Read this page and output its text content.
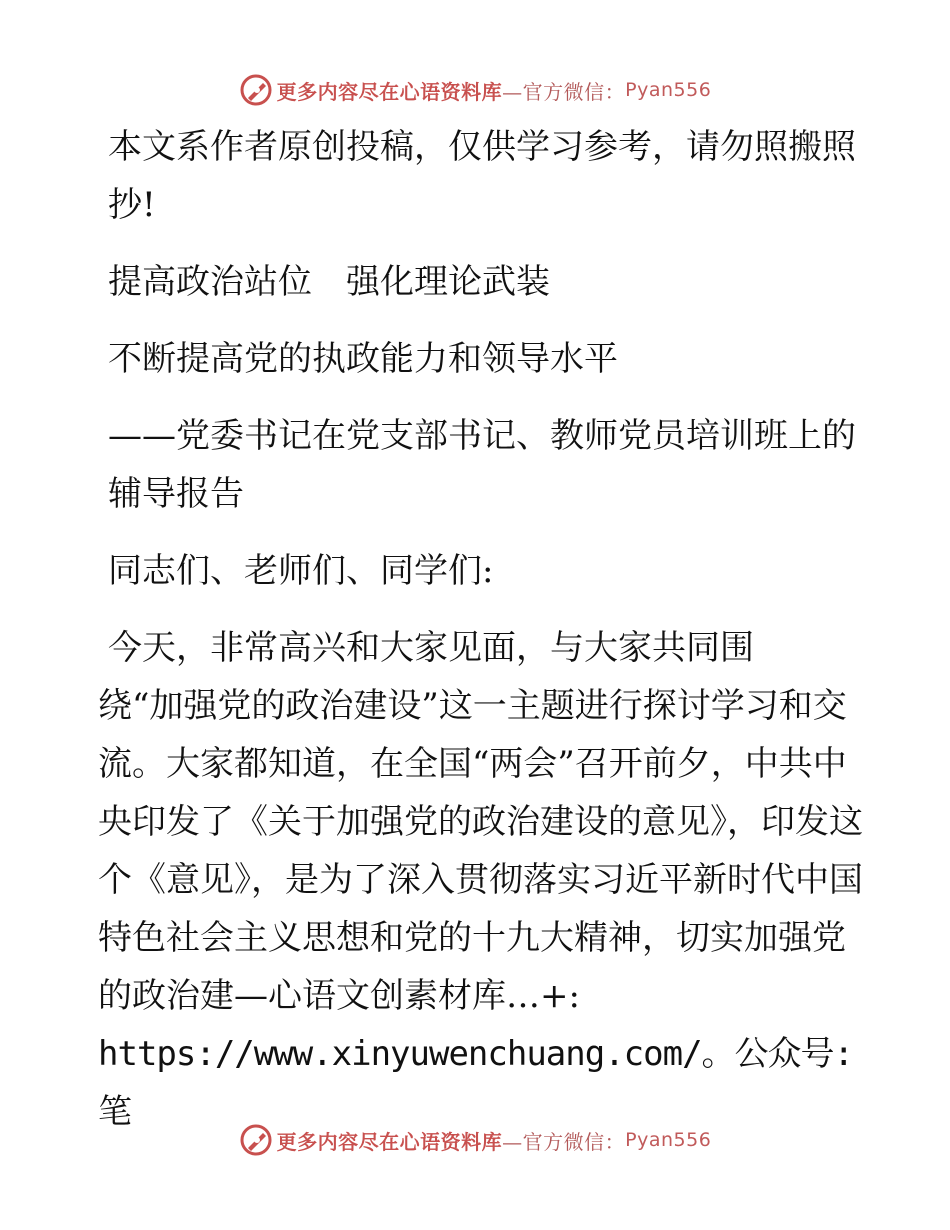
更多内容尽在心语资料库 —官方微信： Pyan556

本文系作者原创投稿，仅供学习参考，请勿照搬照抄!

提高政治站位　强化理论武装

不断提高党的执政能力和领导水平

——党委书记在党支部书记、教师党员培训班上的辅导报告

同志们、老师们、同学们:

今天，非常高兴和大家见面，与大家共同围
绕“加强党的政治建设”这一主题进行探讨学习和交流。大家都知道，在全国“两会”召开前夕，中共中央印发了《关于加强党的政治建设的意见》，印发这个《意见》，是为了深入贯彻落实习近平新时代中国特色社会主义思想和党的十九大精神，切实加强党的政治建—心语文创素材库…+:
https://www.xinyuwenchuang.com/。公众号: 笔

更多内容尽在心语资料库 —官方微信： Pyan556
